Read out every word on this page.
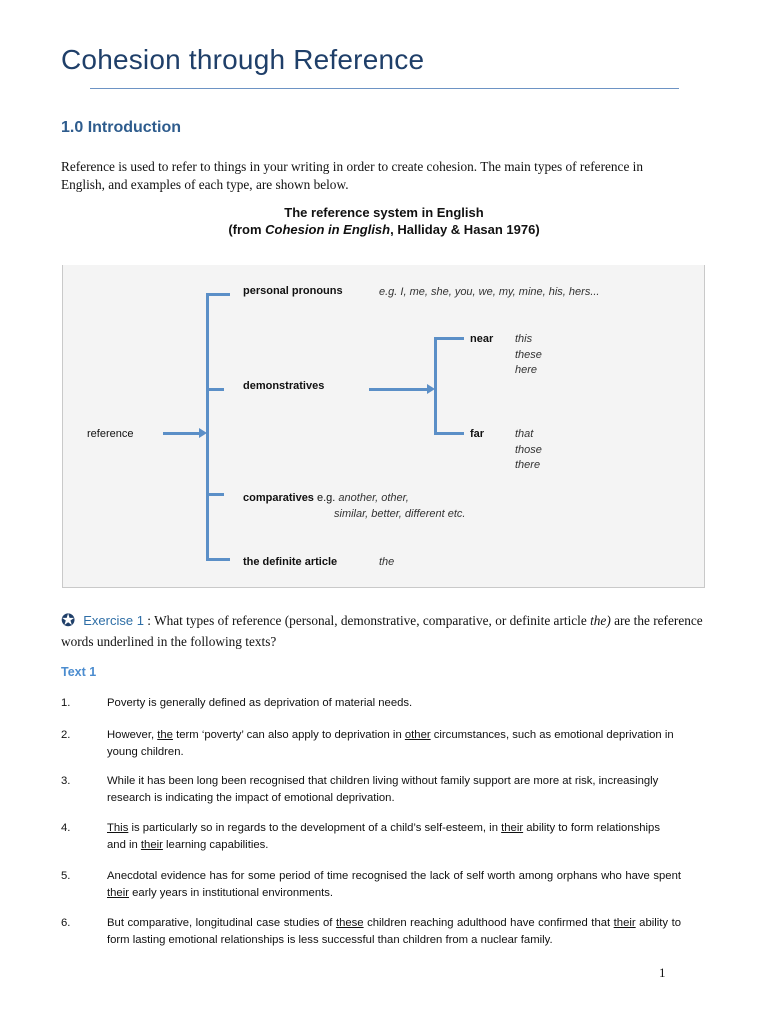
Cohesion through Reference
1.0 Introduction

Reference is used to refer to things in your writing in order to create cohesion. The main types of reference in English, and examples of each type, are shown below.

The reference system in English
(from Cohesion in English, Halliday & Hasan 1976)
reference
personal pronouns	e.g. I, me, she, you, we, my, mine, his, hers...
demonstratives
near this
these
here
far	that
those
there
comparatives e.g. another, other,
similar, better, different etc.
the definite article	the
✪ Exercise 1 : What types of reference (personal, demonstrative, comparative, or definite article the) are the reference words underlined in the following texts?
Text 1
1.	Poverty is generally defined as deprivation of material needs.
2.	However, the term ‘poverty’ can also apply to deprivation in other circumstances, such as emotional deprivation in young children.
3.	While it has been long been recognised that children living without family support are more at risk, increasingly research is indicating the impact of emotional deprivation.
4.	This is particularly so in regards to the development of a child’s self-esteem, in their ability to form relationships and in their learning capabilities.
5.	Anecdotal evidence has for some period of time recognised the lack of self worth among orphans who have spent their early years in institutional environments.
6.	But comparative, longitudinal case studies of these children reaching adulthood have confirmed that their ability to form lasting emotional relationships is less successful than children from a nuclear family.
1
